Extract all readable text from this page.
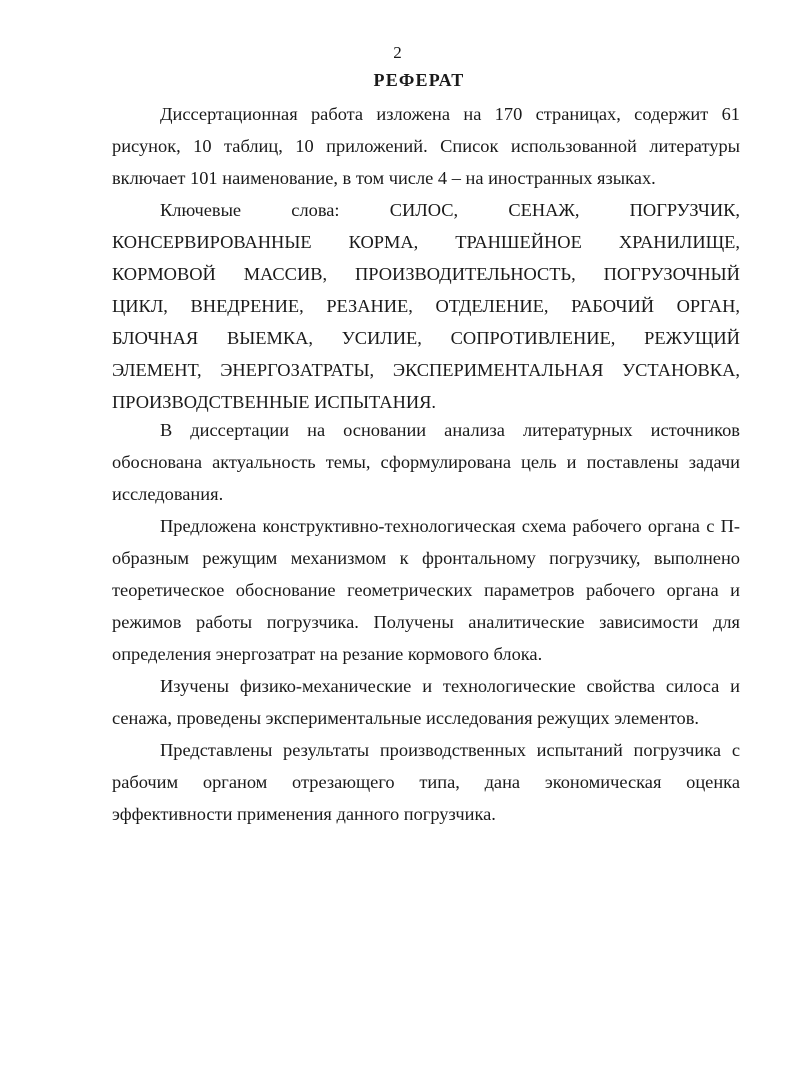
2
РЕФЕРАТ

Диссертационная работа изложена на 170 страницах, содержит 61 рисунок, 10 таблиц, 10 приложений. Список использованной литературы включает 101 наименование, в том числе 4 – на иностранных языках.

Ключевые	слова:	СИЛОС,	СЕНАЖ,	ПОГРУЗЧИК,
КОНСЕРВИРОВАННЫЕ КОРМА, ТРАНШЕЙНОЕ ХРАНИЛИЩЕ,
КОРМОВОЙ МАССИВ, ПРОИЗВОДИТЕЛЬНОСТЬ, ПОГРУЗОЧНЫЙ
ЦИКЛ, ВНЕДРЕНИЕ, РЕЗАНИЕ, ОТДЕЛЕНИЕ, РАБОЧИЙ ОРГАН,
БЛОЧНАЯ ВЫЕМКА, УСИЛИЕ, СОПРОТИВЛЕНИЕ, РЕЖУЩИЙ
ЭЛЕМЕНТ, ЭНЕРГОЗАТРАТЫ, ЭКСПЕРИМЕНТАЛЬНАЯ УСТАНОВКА,
ПРОИЗВОДСТВЕННЫЕ ИСПЫТАНИЯ.

В диссертации на основании анализа литературных источников обоснована актуальность темы, сформулирована цель и поставлены задачи исследования.

Предложена конструктивно-технологическая схема рабочего органа с П-образным режущим механизмом к фронтальному погрузчику, выполнено теоретическое обоснование геометрических параметров рабочего органа и режимов работы погрузчика. Получены аналитические зависимости для определения энергозатрат на резание кормового блока.

Изучены физико-механические и технологические свойства силоса и сенажа, проведены экспериментальные исследования режущих элементов.

Представлены результаты производственных испытаний погрузчика с рабочим органом отрезающего типа, дана экономическая оценка эффективности применения данного погрузчика.
